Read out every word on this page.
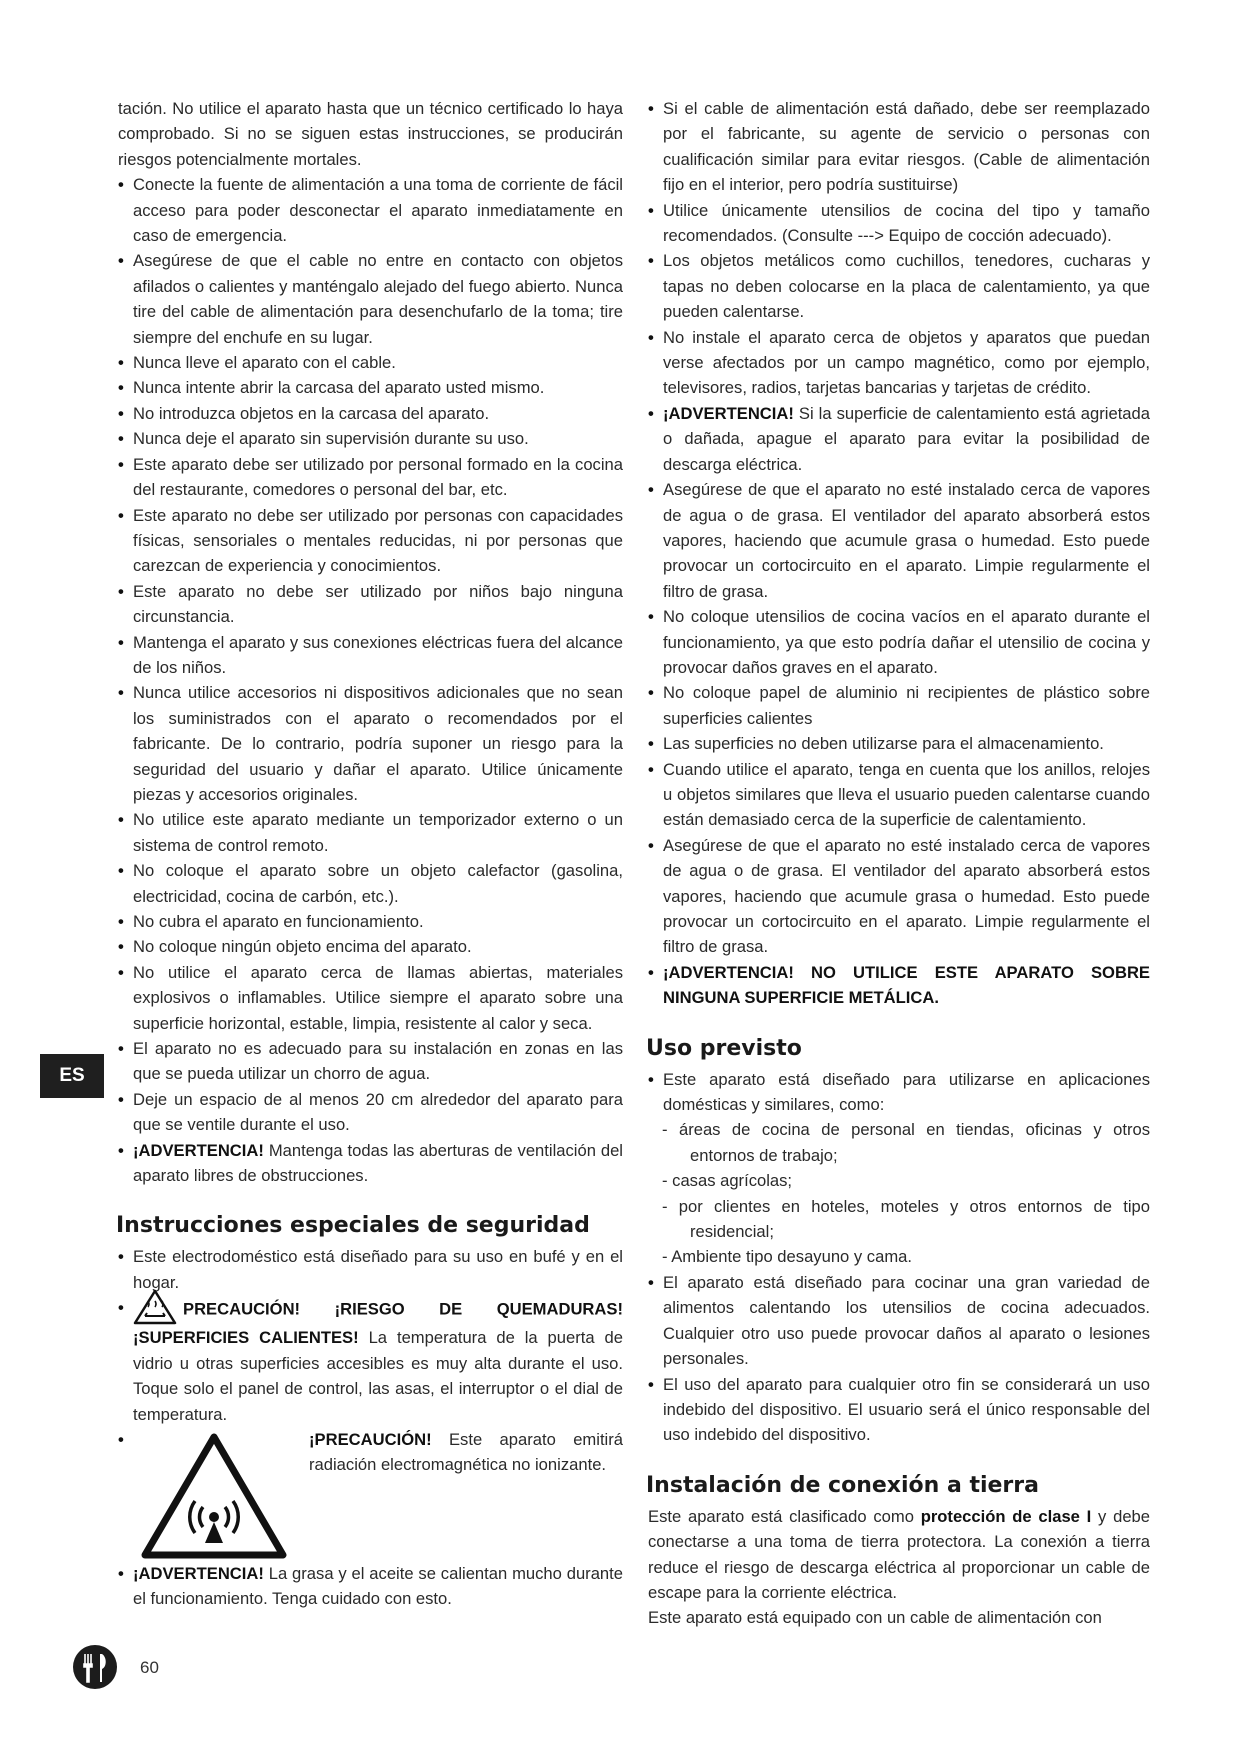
tación. No utilice el aparato hasta que un técnico certificado lo haya comprobado. Si no se siguen estas instrucciones, se producirán riesgos potencialmente mortales.

• Conecte la fuente de alimentación a una toma de corriente de fácil acceso para poder desconectar el aparato inmediatamente en caso de emergencia.
• Asegúrese de que el cable no entre en contacto con objetos afilados o calientes y manténgalo alejado del fuego abierto. Nunca tire del cable de alimentación para desenchufarlo de la toma; tire siempre del enchufe en su lugar.
• Nunca lleve el aparato con el cable.
• Nunca intente abrir la carcasa del aparato usted mismo.
• No introduzca objetos en la carcasa del aparato.
• Nunca deje el aparato sin supervisión durante su uso.
• Este aparato debe ser utilizado por personal formado en la cocina del restaurante, comedores o personal del bar, etc.
• Este aparato no debe ser utilizado por personas con capacidades físicas, sensoriales o mentales reducidas, ni por personas que carezcan de experiencia y conocimientos.
• Este aparato no debe ser utilizado por niños bajo ninguna circunstancia.
• Mantenga el aparato y sus conexiones eléctricas fuera del alcance de los niños.
• Nunca utilice accesorios ni dispositivos adicionales que no sean los suministrados con el aparato o recomendados por el fabricante. De lo contrario, podría suponer un riesgo para la seguridad del usuario y dañar el aparato. Utilice únicamente piezas y accesorios originales.
• No utilice este aparato mediante un temporizador externo o un sistema de control remoto.
• No coloque el aparato sobre un objeto calefactor (gasolina, electricidad, cocina de carbón, etc.).
• No cubra el aparato en funcionamiento.
• No coloque ningún objeto encima del aparato.
• No utilice el aparato cerca de llamas abiertas, materiales explosivos o inflamables. Utilice siempre el aparato sobre una superficie horizontal, estable, limpia, resistente al calor y seca.
• El aparato no es adecuado para su instalación en zonas en las que se pueda utilizar un chorro de agua.
• Deje un espacio de al menos 20 cm alrededor del aparato para que se ventile durante el uso.
• ¡ADVERTENCIA! Mantenga todas las aberturas de ventilación del aparato libres de obstrucciones.
Instrucciones especiales de seguridad
• Este electrodoméstico está diseñado para su uso en bufé y en el hogar.
• PRECAUCIÓN! ¡RIESGO DE QUEMADURAS! ¡SUPERFICIES CALIENTES! La temperatura de la puerta de vidrio u otras superficies accesibles es muy alta durante el uso. Toque solo el panel de control, las asas, el interruptor o el dial de temperatura.
• ¡PRECAUCIÓN! Este aparato emitirá radiación electromagnética no ionizante.
• ¡ADVERTENCIA! La grasa y el aceite se calientan mucho durante el funcionamiento. Tenga cuidado con esto.
• Si el cable de alimentación está dañado, debe ser reemplazado por el fabricante, su agente de servicio o personas con cualificación similar para evitar riesgos. (Cable de alimentación fijo en el interior, pero podría sustituirse)
• Utilice únicamente utensilios de cocina del tipo y tamaño recomendados. (Consulte ---> Equipo de cocción adecuado).
• Los objetos metálicos como cuchillos, tenedores, cucharas y tapas no deben colocarse en la placa de calentamiento, ya que pueden calentarse.
• No instale el aparato cerca de objetos y aparatos que puedan verse afectados por un campo magnético, como por ejemplo, televisores, radios, tarjetas bancarias y tarjetas de crédito.
• ¡ADVERTENCIA! Si la superficie de calentamiento está agrietada o dañada, apague el aparato para evitar la posibilidad de descarga eléctrica.
• Asegúrese de que el aparato no esté instalado cerca de vapores de agua o de grasa. El ventilador del aparato absorberá estos vapores, haciendo que acumule grasa o humedad. Esto puede provocar un cortocircuito en el aparato. Limpie regularmente el filtro de grasa.
• No coloque utensilios de cocina vacíos en el aparato durante el funcionamiento, ya que esto podría dañar el utensilio de cocina y provocar daños graves en el aparato.
• No coloque papel de aluminio ni recipientes de plástico sobre superficies calientes
• Las superficies no deben utilizarse para el almacenamiento.
• Cuando utilice el aparato, tenga en cuenta que los anillos, relojes u objetos similares que lleva el usuario pueden calentarse cuando están demasiado cerca de la superficie de calentamiento.
• Asegúrese de que el aparato no esté instalado cerca de vapores de agua o de grasa. El ventilador del aparato absorberá estos vapores, haciendo que acumule grasa o humedad. Esto puede provocar un cortocircuito en el aparato. Limpie regularmente el filtro de grasa.
• ¡ADVERTENCIA! NO UTILICE ESTE APARATO SOBRE NINGUNA SUPERFICIE METÁLICA.
Uso previsto
• Este aparato está diseñado para utilizarse en aplicaciones domésticas y similares, como:
- áreas de cocina de personal en tiendas, oficinas y otros entornos de trabajo;
- casas agrícolas;
- por clientes en hoteles, moteles y otros entornos de tipo residencial;
- Ambiente tipo desayuno y cama.
• El aparato está diseñado para cocinar una gran variedad de alimentos calentando los utensilios de cocina adecuados. Cualquier otro uso puede provocar daños al aparato o lesiones personales.
• El uso del aparato para cualquier otro fin se considerará un uso indebido del dispositivo. El usuario será el único responsable del uso indebido del dispositivo.
Instalación de conexión a tierra

Este aparato está clasificado como protección de clase I y debe conectarse a una toma de tierra protectora. La conexión a tierra reduce el riesgo de descarga eléctrica al proporcionar un cable de escape para la corriente eléctrica.

Este aparato está equipado con un cable de alimentación con

ES
60
